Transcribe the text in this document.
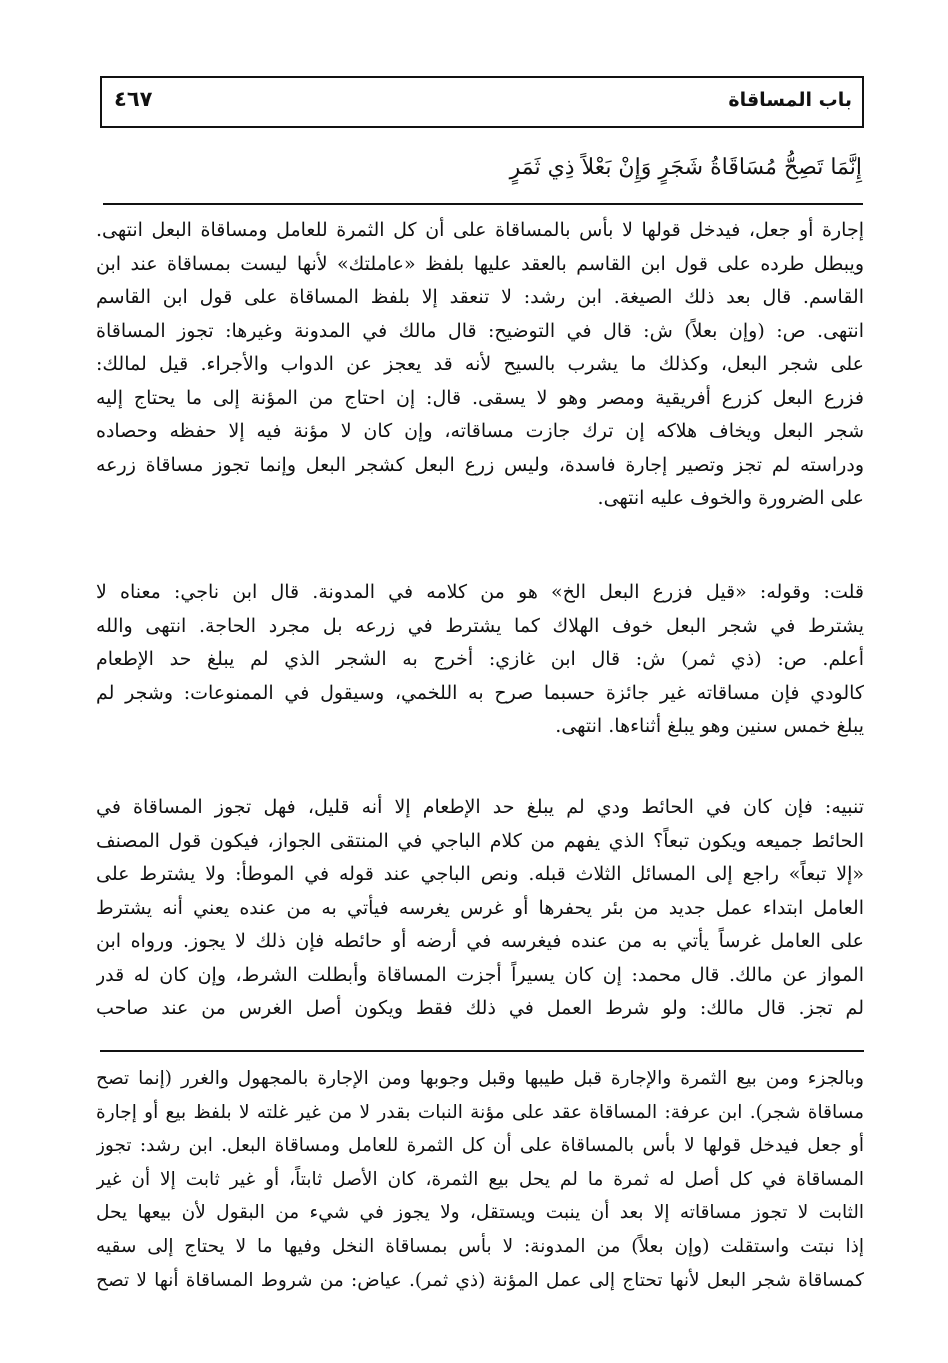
باب المساقاة
٤٦٧
إِنَّمَا تَصِحُّ مُسَاقَاةُ شَجَرٍ وَإِنْ بَعْلاً ذِي ثَمَرٍ
إجارة أو جعل، فيدخل قولها لا بأس بالمساقاة على أن كل الثمرة للعامل ومساقاة البعل انتهى.
ويبطل طرده على قول ابن القاسم بالعقد عليها بلفظ «عاملتك» لأنها ليست بمساقاة عند ابن
القاسم. قال بعد ذلك الصيغة. ابن رشد: لا تنعقد إلا بلفظ المساقاة على قول ابن القاسم
انتهى. ص: (وإن بعلاً) ش: قال في التوضيح: قال مالك في المدونة وغيرها: تجوز المساقاة
على شجر البعل، وكذلك ما يشرب بالسيح لأنه قد يعجز عن الدواب والأجراء. قيل لمالك:
فزرع البعل كزرع أفريقية ومصر وهو لا يسقى. قال: إن احتاج من المؤنة إلى ما يحتاج إليه
شجر البعل ويخاف هلاكه إن ترك جازت مساقاته، وإن كان لا مؤنة فيه إلا حفظه وحصاده
ودراسته لم تجز وتصير إجارة فاسدة، وليس زرع البعل كشجر البعل وإنما تجوز مساقاة زرعه
على الضرورة والخوف عليه انتهى.
قلت: وقوله: «قيل فزرع البعل الخ» هو من كلامه في المدونة. قال ابن ناجي: معناه لا
يشترط في شجر البعل خوف الهلاك كما يشترط في زرعه بل مجرد الحاجة. انتهى والله
أعلم. ص: (ذي ثمر) ش: قال ابن غازي: أخرج به الشجر الذي لم يبلغ حد الإطعام
كالودي فإن مساقاته غير جائزة حسبما صرح به اللخمي، وسيقول في الممنوعات: وشجر لم
يبلغ خمس سنين وهو يبلغ أثناءها. انتهى.
تنبيه: فإن كان في الحائط ودي لم يبلغ حد الإطعام إلا أنه قليل، فهل تجوز المساقاة في
الحائط جميعه ويكون تبعاً؟ الذي يفهم من كلام الباجي في المنتقى الجواز، فيكون قول المصنف
«إلا تبعاً» راجع إلى المسائل الثلاث قبله. ونص الباجي عند قوله في الموطأ: ولا يشترط على
العامل ابتداء عمل جديد من بئر يحفرها أو غرس يغرسه فيأتي به من عنده يعني أنه يشترط
على العامل غرساً يأتي به من عنده فيغرسه في أرضه أو حائطه فإن ذلك لا يجوز. ورواه ابن
المواز عن مالك. قال محمد: إن كان يسيراً أجزت المساقاة وأبطلت الشرط، وإن كان له قدر
لم تجز. قال مالك: ولو شرط العمل في ذلك فقط ويكون أصل الغرس من عند صاحب
وبالجزء ومن بيع الثمرة والإجارة قبل طيبها وقبل وجوبها ومن الإجارة بالمجهول والغرر (إنما تصح
مساقاة شجر). ابن عرفة: المساقاة عقد على مؤنة النبات بقدر لا من غير غلته لا بلفظ بيع أو إجارة
أو جعل فيدخل قولها لا بأس بالمساقاة على أن كل الثمرة للعامل ومساقاة البعل. ابن رشد: تجوز
المساقاة في كل أصل له ثمرة ما لم يحل بيع الثمرة، كان الأصل ثابتاً، أو غير ثابت إلا أن غير
الثابت لا تجوز مساقاته إلا بعد أن ينبت ويستقل، ولا يجوز في شيء من البقول لأن بيعها يحل
إذا نبتت واستقلت (وإن بعلاً) من المدونة: لا بأس بمساقاة النخل وفيها ما لا يحتاج إلى سقيه
كمساقاة شجر البعل لأنها تحتاج إلى عمل المؤنة (ذي ثمر). عياض: من شروط المساقاة أنها لا تصح
